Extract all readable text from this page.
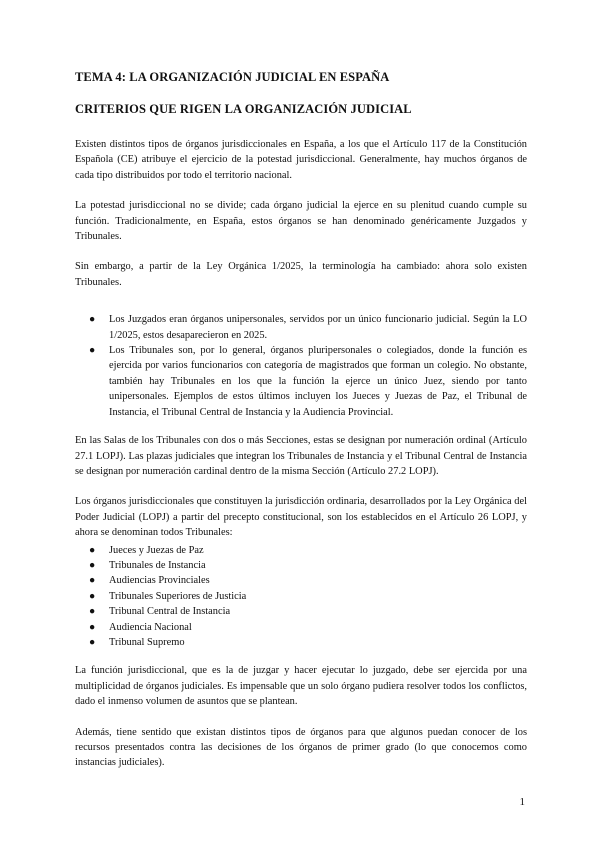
TEMA 4: LA ORGANIZACIÓN JUDICIAL EN ESPAÑA
CRITERIOS QUE RIGEN LA ORGANIZACIÓN JUDICIAL

Existen distintos tipos de órganos jurisdiccionales en España, a los que el Artículo 117 de la Constitución Española (CE) atribuye el ejercicio de la potestad jurisdiccional. Generalmente, hay muchos órganos de cada tipo distribuidos por todo el territorio nacional.

La potestad jurisdiccional no se divide; cada órgano judicial la ejerce en su plenitud cuando cumple su función. Tradicionalmente, en España, estos órganos se han denominado genéricamente Juzgados y Tribunales.

Sin embargo, a partir de la Ley Orgánica 1/2025, la terminología ha cambiado: ahora solo existen Tribunales.

● Los Juzgados eran órganos unipersonales, servidos por un único funcionario judicial. Según la LO 1/2025, estos desaparecieron en 2025.
● Los Tribunales son, por lo general, órganos pluripersonales o colegiados, donde la función es ejercida por varios funcionarios con categoría de magistrados que forman un colegio. No obstante, también hay Tribunales en los que la función la ejerce un único Juez, siendo por tanto unipersonales. Ejemplos de estos últimos incluyen los Jueces y Juezas de Paz, el Tribunal de Instancia, el Tribunal Central de Instancia y la Audiencia Provincial.

En las Salas de los Tribunales con dos o más Secciones, estas se designan por numeración ordinal (Artículo 27.1 LOPJ). Las plazas judiciales que integran los Tribunales de Instancia y el Tribunal Central de Instancia se designan por numeración cardinal dentro de la misma Sección (Artículo 27.2 LOPJ).

Los órganos jurisdiccionales que constituyen la jurisdicción ordinaria, desarrollados por la Ley Orgánica del Poder Judicial (LOPJ) a partir del precepto constitucional, son los establecidos en el Artículo 26 LOPJ, y ahora se denominan todos Tribunales:

● Jueces y Juezas de Paz
● Tribunales de Instancia
● Audiencias Provinciales
● Tribunales Superiores de Justicia
● Tribunal Central de Instancia
● Audiencia Nacional
● Tribunal Supremo

La función jurisdiccional, que es la de juzgar y hacer ejecutar lo juzgado, debe ser ejercida por una multiplicidad de órganos judiciales. Es impensable que un solo órgano pudiera resolver todos los conflictos, dado el inmenso volumen de asuntos que se plantean.

Además, tiene sentido que existan distintos tipos de órganos para que algunos puedan conocer de los recursos presentados contra las decisiones de los órganos de primer grado (lo que conocemos como instancias judiciales).

1
